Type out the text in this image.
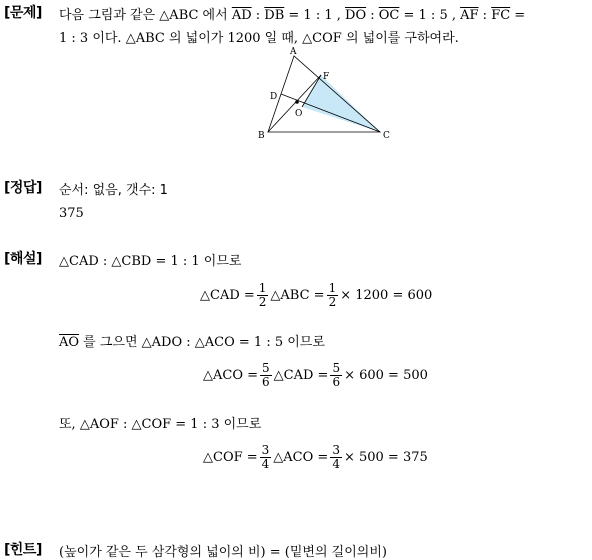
[문제] 다음 그림과 같은 △ABC 에서 $\overline{AD}$ : $\overline{DB} = 1$ : 1 , $\overline{DO}$ : $\overline{OC} = 1$ : 5 , $\overline{AF}$ : $\overline{FC}$ =
1 : 3 이다. △ABC 의 넓이가 1200 일 때, △COF 의 넓이를 구하여라.
A
B	C
D
F
O
[정답] 순서: 없음, 갯수: 1
375
[해설] △CAD : △CBD = 1 : 1 이므로
△CAD = $\frac{1}{2}$ △ABC = $\frac{1}{2} \times 1200 = 600$
$\overline{AO}$ 를 그으면 △ADO : △ACO = 1 : 5 이므로
△ACO = $\frac{5}{6}$ △CAD = $\frac{5}{6} \times 600 = 500$
또, △AOF : △COF = 1 : 3 이므로
△COF = $\frac{3}{4}$ △ACO = $\frac{3}{4} \times 500 = 375$
[힌트] (높이가 같은 두 삼각형의 넓이의 비) = (밑변의 길이의비)
